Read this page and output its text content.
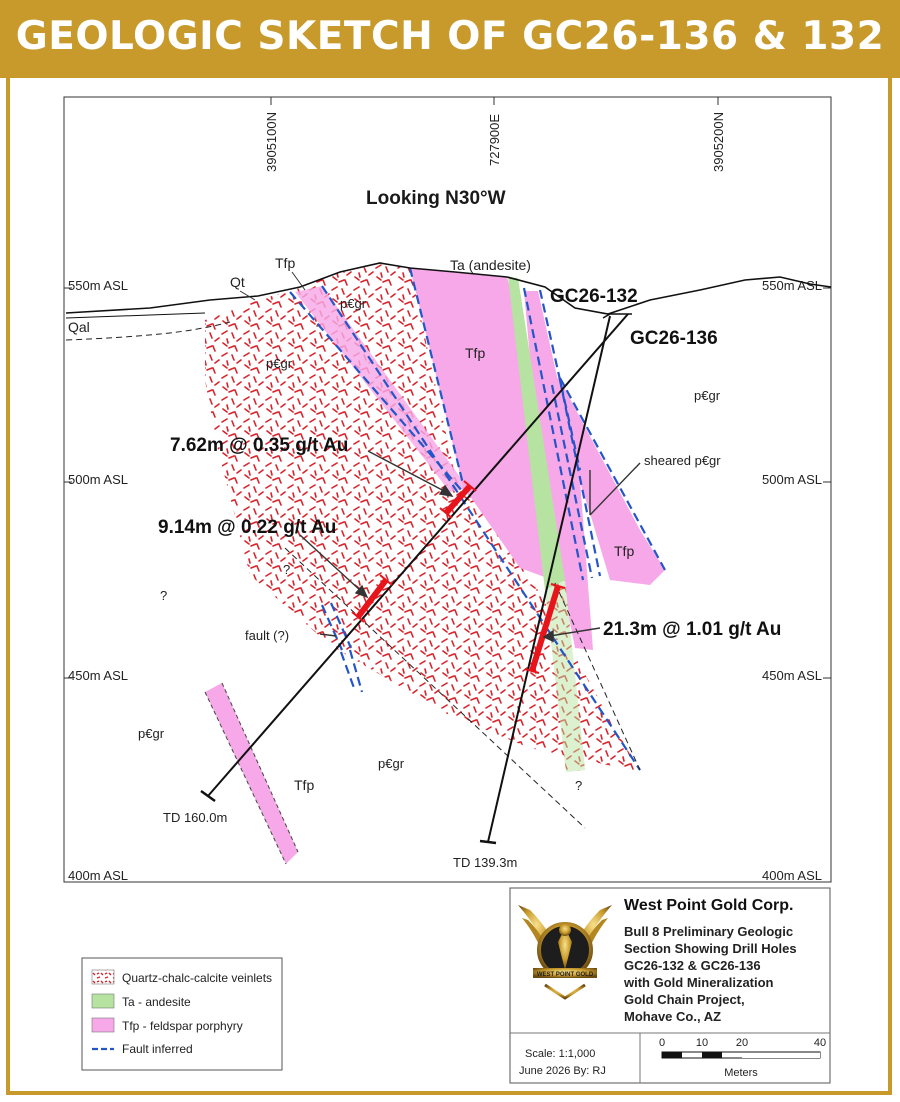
GEOLOGIC SKETCH OF GC26-136 & 132
3905100N	727900E	3905200N
Looking N30°W
550m ASL	550m ASL
500m ASL	500m ASL
450m ASL	450m ASL
400m ASL	400m ASL
Qt
Qal
Tfp
p€gr
p€gr
Ta (andesite)
Tfp
p€gr
sheared p€gr
Tfp
p€gr
p€gr
Tfp
fault (?)
?
?
?
GC26-132
GC26-136
TD 160.0m
TD 139.3m
7.62m @ 0.35 g/t Au
9.14m @ 0.22 g/t Au
21.3m @ 1.01 g/t Au
Quartz-chalc-calcite veinlets
Ta - andesite
Tfp - feldspar porphyry
Fault inferred
WEST POINT GOLD
West Point Gold Corp.
Bull 8 Preliminary Geologic
Section Showing Drill Holes
GC26-132 & GC26-136
with Gold Mineralization
Gold Chain Project,
Mohave Co., AZ
Scale: 1:1,000
June 2026 By: RJ
0	10	20	40
Meters
